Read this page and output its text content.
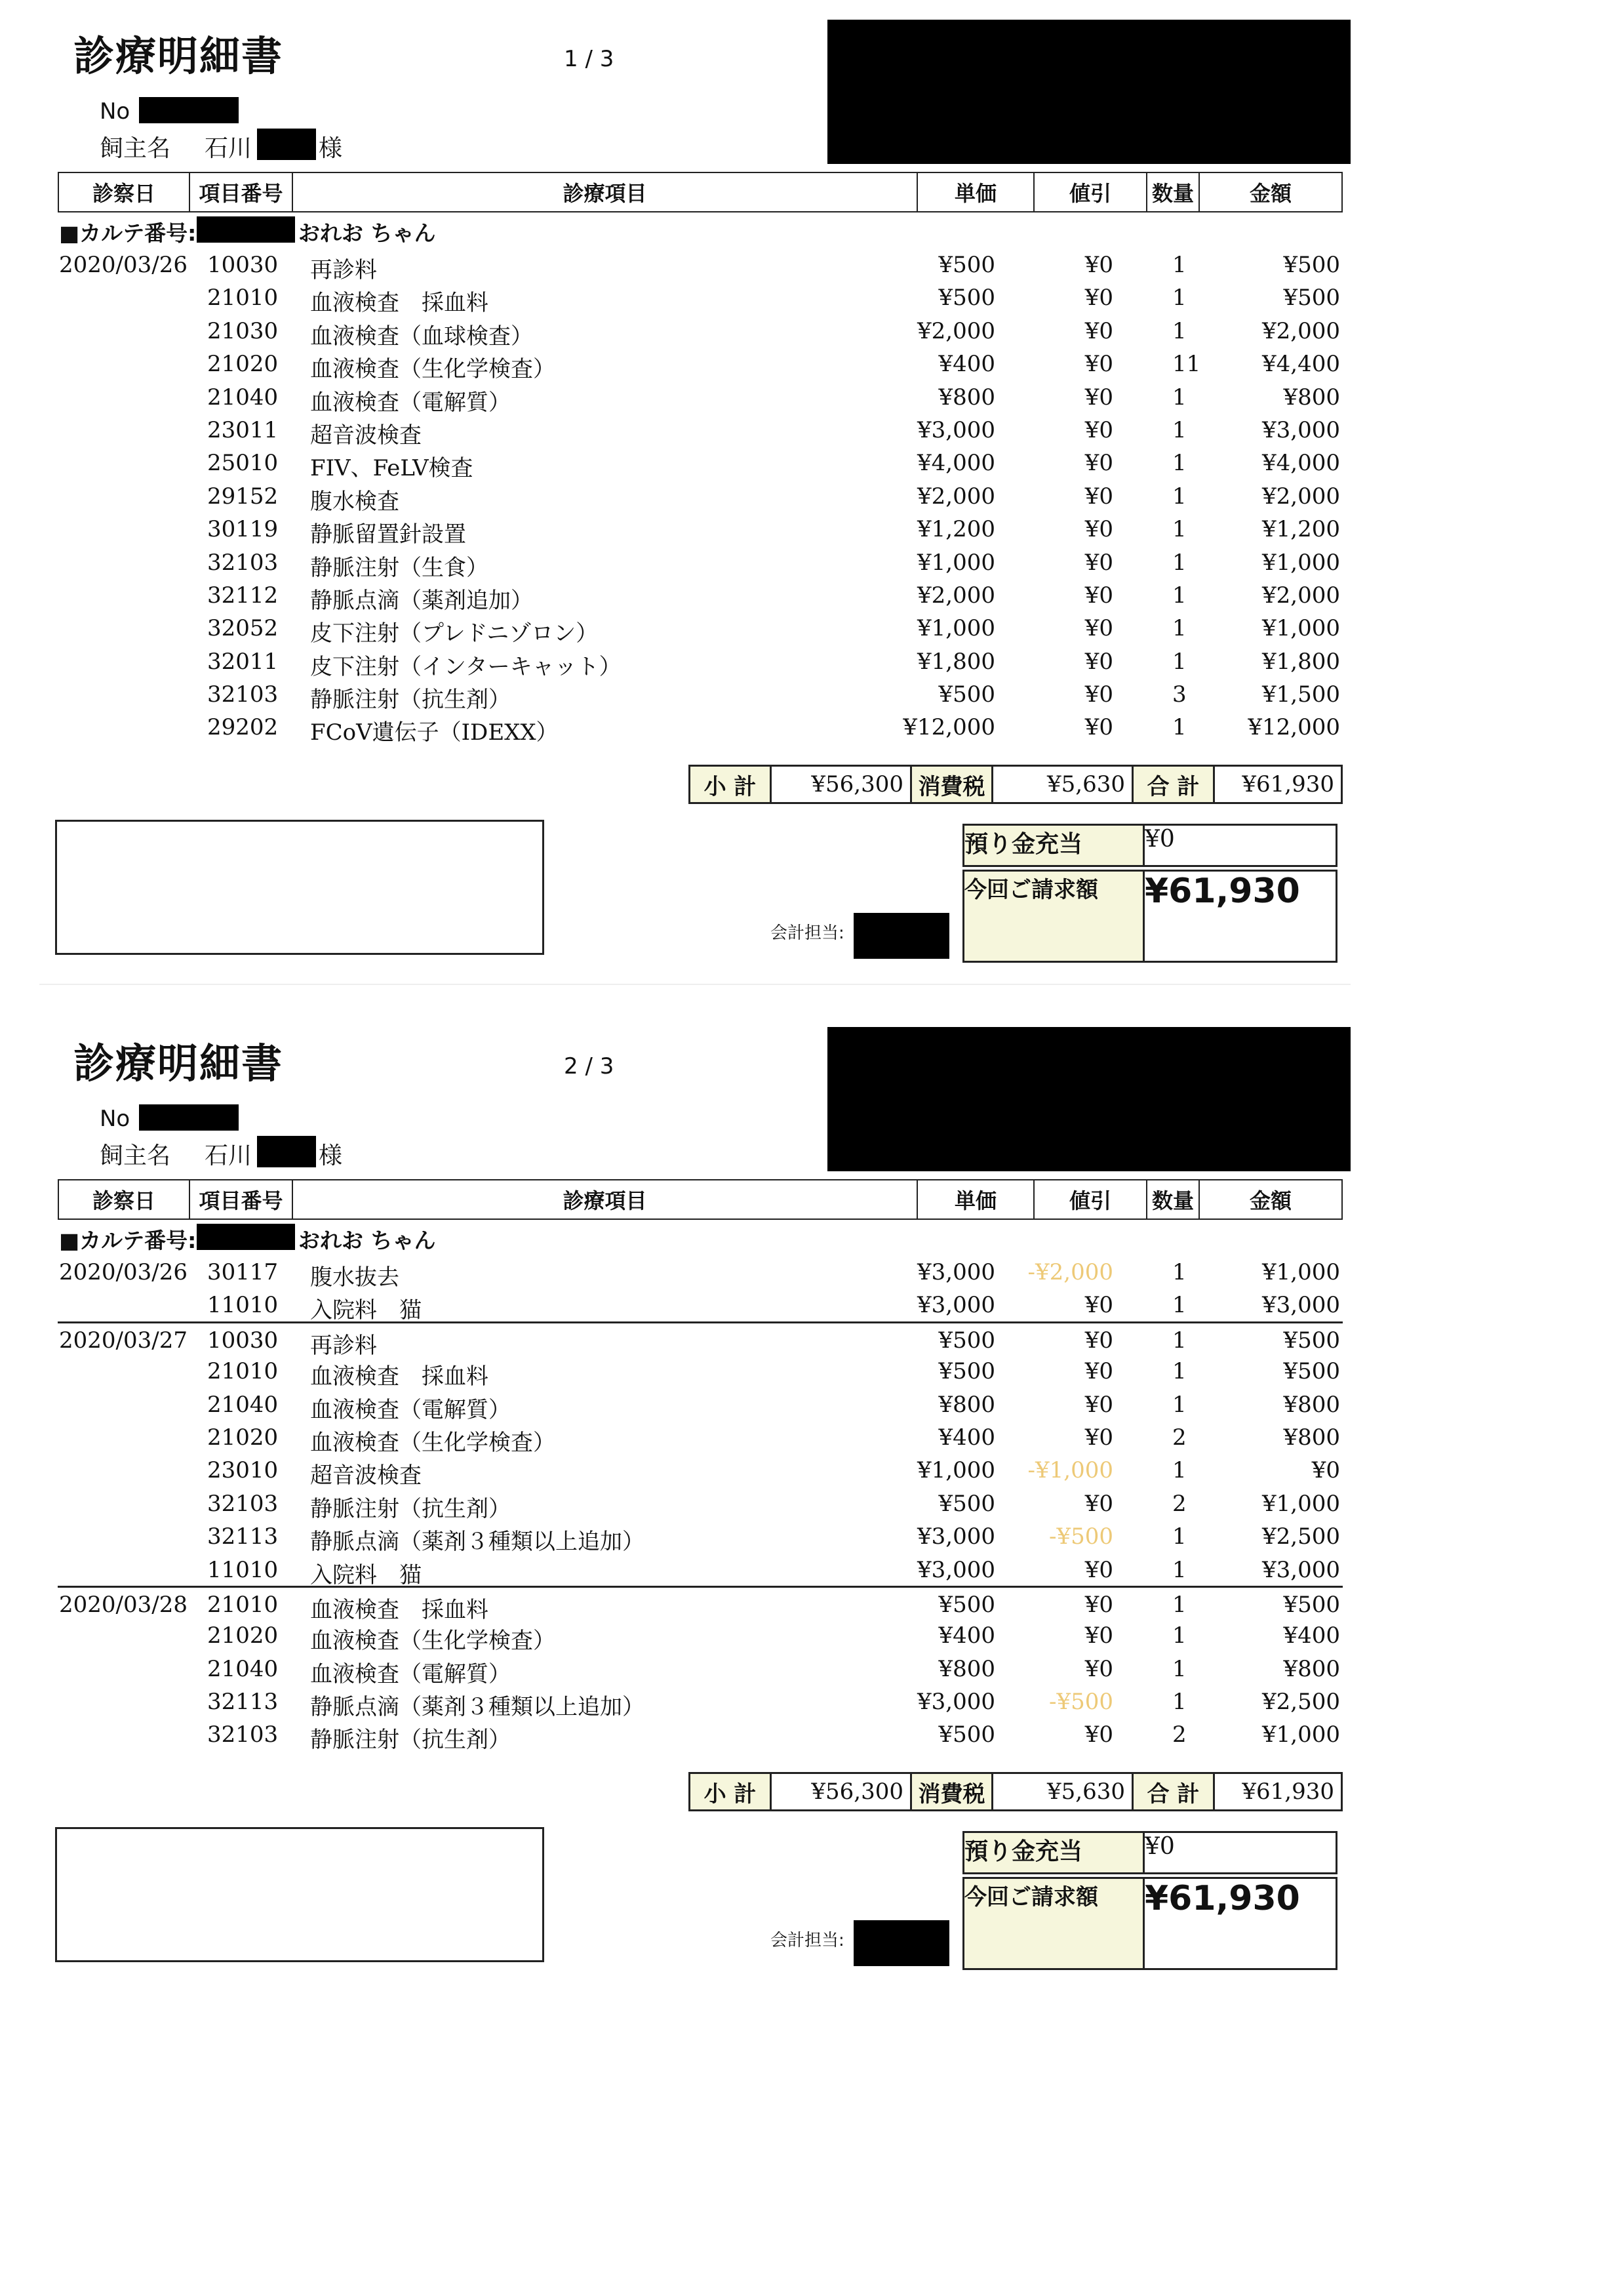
診療明細書	1 / 3
No
飼主名 石川	様
診察日	項目番号	診療項目	単価	値引	数量	金額
■カルテ番号:	おれお ちゃん
2020/03/26 10030 再診料	¥500	¥0	1	¥500
21010 血液検査　採血料	¥500	¥0	1	¥500
21030 血液検査（血球検査）	¥2,000	¥0	1	¥2,000
21020 血液検査（生化学検査）	¥400	¥0	11	¥4,400
21040 血液検査（電解質）	¥800	¥0	1	¥800
23011 超音波検査	¥3,000	¥0	1	¥3,000
25010 FIV、FeLV検査	¥4,000	¥0	1	¥4,000
29152 腹水検査	¥2,000	¥0	1	¥2,000
30119 静脈留置針設置	¥1,200	¥0	1	¥1,200
32103 静脈注射（生食）	¥1,000	¥0	1	¥1,000
32112 静脈点滴（薬剤追加）	¥2,000	¥0	1	¥2,000
32052 皮下注射（プレドニゾロン）	¥1,000	¥0	1	¥1,000
32011 皮下注射（インターキャット）	¥1,800	¥0	1	¥1,800
32103 静脈注射（抗生剤）	¥500	¥0	3	¥1,500
29202 FCoV遺伝子（IDEXX）	¥12,000	¥0	1	¥12,000
小 計	¥56,300 消費税	¥5,630 合 計	¥61,930
預り金充当	¥0
今回ご請求額	¥61,930
会計担当:
診療明細書	2 / 3
No
飼主名 石川	様
診察日	項目番号	診療項目	単価	値引	数量	金額
■カルテ番号:	おれお ちゃん
2020/03/26 30117 腹水抜去	¥3,000 -¥2,000	1	¥1,000
11010 入院料　猫	¥3,000	¥0	1	¥3,000
2020/03/27 10030 再診料	¥500	¥0	1	¥500
21010 血液検査　採血料	¥500	¥0	1	¥500
21040 血液検査（電解質）	¥800	¥0	1	¥800
21020 血液検査（生化学検査）	¥400	¥0	2	¥800
23010 超音波検査	¥1,000 -¥1,000	1	¥0
32103 静脈注射（抗生剤）	¥500	¥0	2	¥1,000
32113 静脈点滴（薬剤３種類以上追加）	¥3,000 -¥500	1	¥2,500
11010 入院料　猫	¥3,000	¥0	1	¥3,000
2020/03/28 21010 血液検査　採血料	¥500	¥0	1	¥500
21020 血液検査（生化学検査）	¥400	¥0	1	¥400
21040 血液検査（電解質）	¥800	¥0	1	¥800
32113 静脈点滴（薬剤３種類以上追加）	¥3,000 -¥500	1	¥2,500
32103 静脈注射（抗生剤）	¥500	¥0	2	¥1,000
小 計	¥56,300 消費税	¥5,630 合 計	¥61,930
預り金充当	¥0
今回ご請求額	¥61,930
会計担当:
